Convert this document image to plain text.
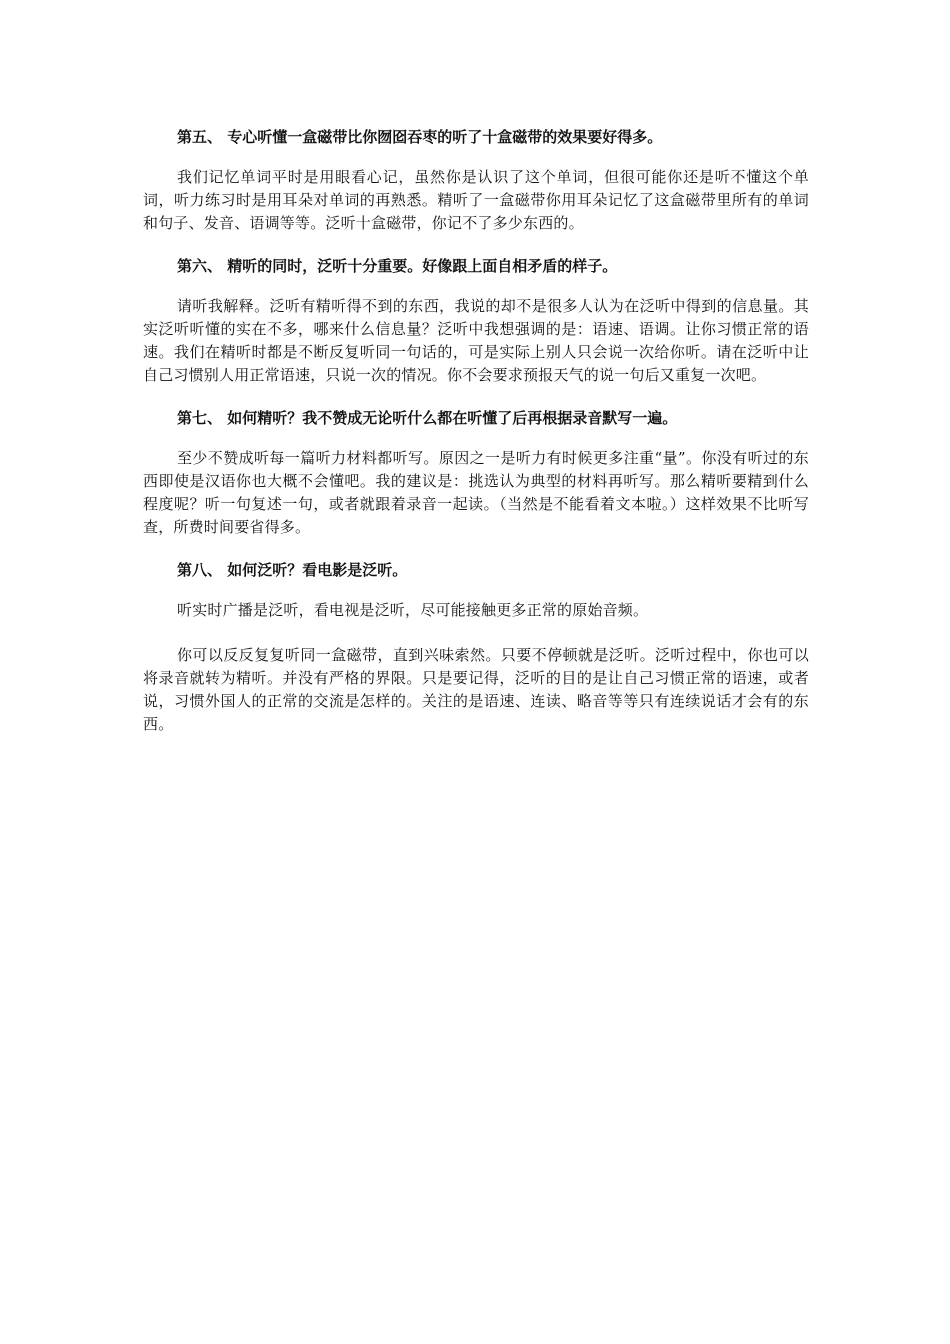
第五、 专心听懂一盒磁带比你囫囵吞枣的听了十盒磁带的效果要好得多。

我们记忆单词平时是用眼看心记，虽然你是认识了这个单词，但很可能你还是听不懂这个单词，听力练习时是用耳朵对单词的再熟悉。精听了一盒磁带你用耳朵记忆了这盒磁带里所有的单词和句子、发音、语调等等。泛听十盒磁带，你记不了多少东西的。

第六、 精听的同时，泛听十分重要。好像跟上面自相矛盾的样子。

请听我解释。泛听有精听得不到的东西，我说的却不是很多人认为在泛听中得到的信息量。其实泛听听懂的实在不多，哪来什么信息量？泛听中我想强调的是：语速、语调。让你习惯正常的语速。我们在精听时都是不断反复听同一句话的，可是实际上别人只会说一次给你听。请在泛听中让自己习惯别人用正常语速，只说一次的情况。你不会要求预报天气的说一句后又重复一次吧。

第七、 如何精听？我不赞成无论听什么都在听懂了后再根据录音默写一遍。

至少不赞成听每一篇听力材料都听写。原因之一是听力有时候更多注重“量”。你没有听过的东西即使是汉语你也大概不会懂吧。我的建议是：挑选认为典型的材料再听写。那么精听要精到什么程度呢？听一句复述一句，或者就跟着录音一起读。（当然是不能看着文本啦。）这样效果不比听写查，所费时间要省得多。

第八、 如何泛听？看电影是泛听。

听实时广播是泛听，看电视是泛听，尽可能接触更多正常的原始音频。

你可以反反复复听同一盒磁带，直到兴味索然。只要不停顿就是泛听。泛听过程中，你也可以将录音就转为精听。并没有严格的界限。只是要记得，泛听的目的是让自己习惯正常的语速，或者说，习惯外国人的正常的交流是怎样的。关注的是语速、连读、略音等等只有连续说话才会有的东西。
